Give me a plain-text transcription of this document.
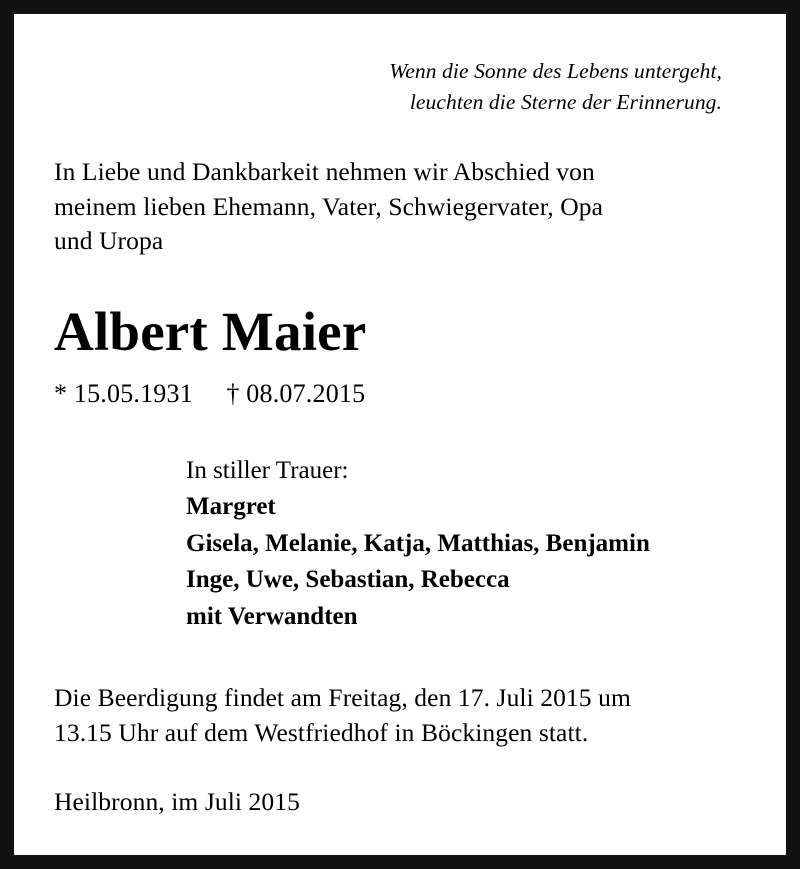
Wenn die Sonne des Lebens untergeht,
leuchten die Sterne der Erinnerung.
In Liebe und Dankbarkeit nehmen wir Abschied von
meinem lieben Ehemann, Vater, Schwiegervater, Opa
und Uropa
Albert Maier
* 15.05.1931     † 08.07.2015
In stiller Trauer:
Margret
Gisela, Melanie, Katja, Matthias, Benjamin
Inge, Uwe, Sebastian, Rebecca
mit Verwandten
Die Beerdigung findet am Freitag, den 17. Juli 2015 um
13.15 Uhr auf dem Westfriedhof in Böckingen statt.
Heilbronn, im Juli 2015
